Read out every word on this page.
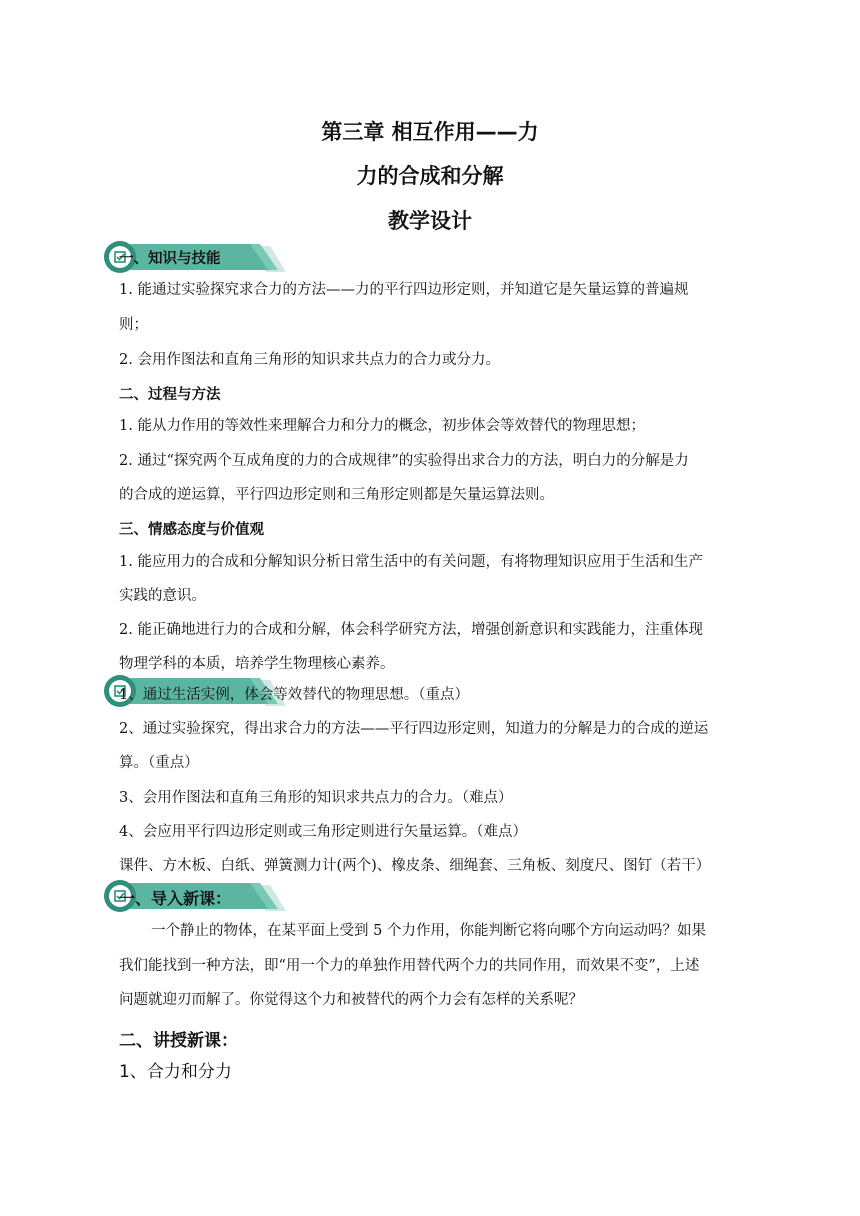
第三章 相互作用——力
力的合成和分解
教学设计
一、知识与技能
1. 能通过实验探究求合力的方法——力的平行四边形定则，并知道它是矢量运算的普遍规
则；
2. 会用作图法和直角三角形的知识求共点力的合力或分力。
二、过程与方法
1. 能从力作用的等效性来理解合力和分力的概念，初步体会等效替代的物理思想；
2. 通过“探究两个互成角度的力的合成规律”的实验得出求合力的方法，明白力的分解是力
的合成的逆运算，平行四边形定则和三角形定则都是矢量运算法则。
三、情感态度与价值观
1. 能应用力的合成和分解知识分析日常生活中的有关问题，有将物理知识应用于生活和生产
实践的意识。
2. 能正确地进行力的合成和分解，体会科学研究方法，增强创新意识和实践能力，注重体现
物理学科的本质，培养学生物理核心素养。
1、通过生活实例，体会等效替代的物理思想。（重点）
2、通过实验探究，得出求合力的方法——平行四边形定则，知道力的分解是力的合成的逆运
算。（重点）
3、会用作图法和直角三角形的知识求共点力的合力。（难点）
4、会应用平行四边形定则或三角形定则进行矢量运算。（难点）
课件、方木板、白纸、弹簧测力计(两个)、橡皮条、细绳套、三角板、刻度尺、图钉（若干）
一、导入新课：
一个静止的物体，在某平面上受到 5 个力作用，你能判断它将向哪个方向运动吗？如果
我们能找到一种方法，即“用一个力的单独作用替代两个力的共同作用，而效果不变”，上述
问题就迎刃而解了。你觉得这个力和被替代的两个力会有怎样的关系呢？
二、讲授新课：
1、合力和分力
